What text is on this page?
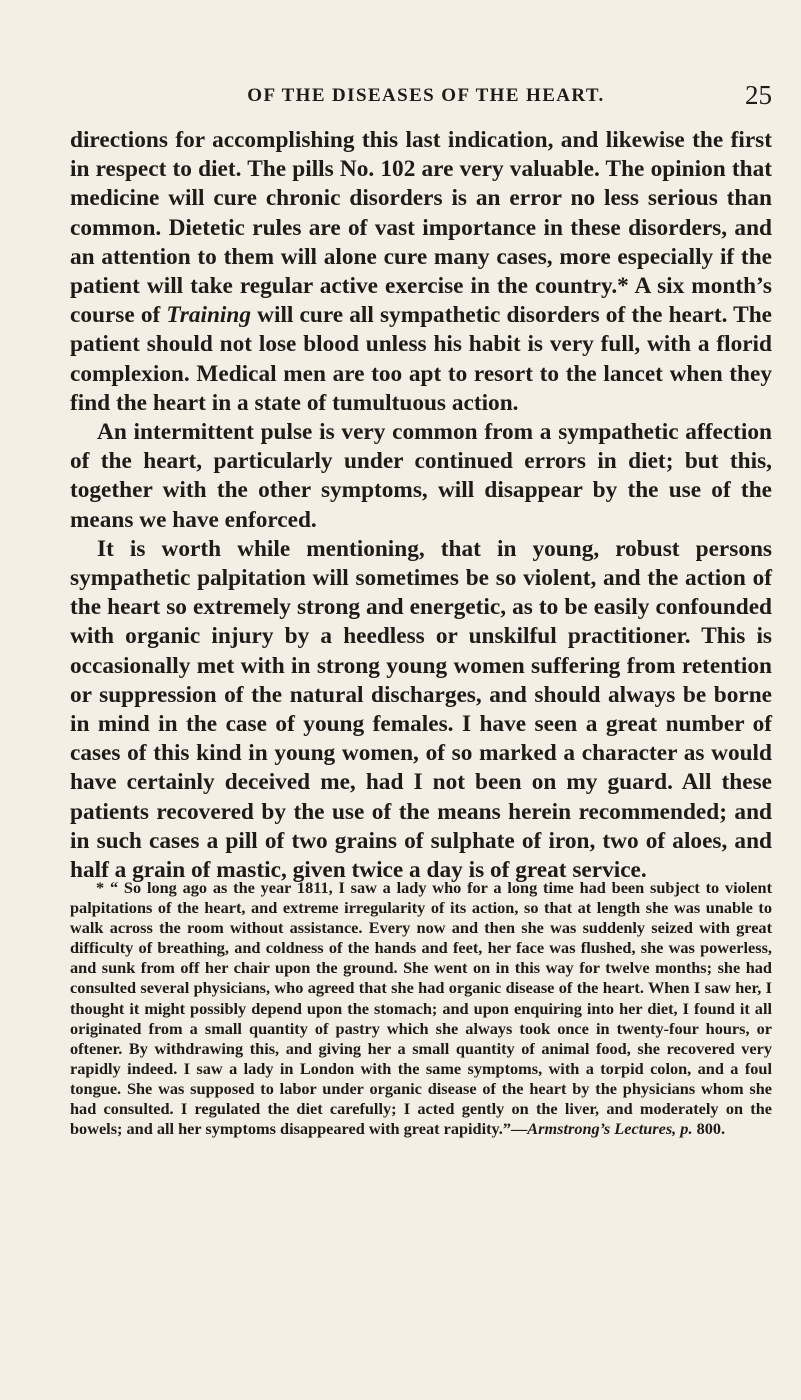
OF THE DISEASES OF THE HEART.	25

directions for accomplishing this last indication, and likewise the first in respect to diet. The pills No. 102 are very valuable. The opinion that medicine will cure chronic disorders is an error no less serious than common. Dietetic rules are of vast importance in these disorders, and an attention to them will alone cure many cases, more especially if the patient will take regular active exercise in the country.* A six month’s course of Training will cure all sympathetic disorders of the heart. The patient should not lose blood unless his habit is very full, with a florid complexion. Medical men are too apt to resort to the lancet when they find the heart in a state of tumultuous action.

An intermittent pulse is very common from a sympathetic affection of the heart, particularly under continued errors in diet; but this, together with the other symptoms, will disappear by the use of the means we have enforced.

It is worth while mentioning, that in young, robust persons sympathetic palpitation will sometimes be so violent, and the action of the heart so extremely strong and energetic, as to be easily confounded with organic injury by a heedless or unskilful practitioner. This is occasionally met with in strong young women suffering from retention or suppression of the natural discharges, and should always be borne in mind in the case of young females. I have seen a great number of cases of this kind in young women, of so marked a character as would have certainly deceived me, had I not been on my guard. All these patients recovered by the use of the means herein recommended; and in such cases a pill of two grains of sulphate of iron, two of aloes, and half a grain of mastic, given twice a day is of great service.

* “ So long ago as the year 1811, I saw a lady who for a long time had been subject to violent palpitations of the heart, and extreme irregularity of its action, so that at length she was unable to walk across the room without assistance. Every now and then she was suddenly seized with great difficulty of breathing, and coldness of the hands and feet, her face was flushed, she was powerless, and sunk from off her chair upon the ground. She went on in this way for twelve months; she had consulted several physicians, who agreed that she had organic disease of the heart. When I saw her, I thought it might possibly depend upon the stomach; and upon enquiring into her diet, I found it all originated from a small quantity of pastry which she always took once in twenty-four hours, or oftener. By withdrawing this, and giving her a small quantity of animal food, she recovered very rapidly indeed. I saw a lady in London with the same symptoms, with a torpid colon, and a foul tongue. She was supposed to labor under organic disease of the heart by the physicians whom she had consulted. I regulated the diet carefully; I acted gently on the liver, and moderately on the bowels; and all her symptoms disappeared with great rapidity.”—Armstrong’s Lectures, p. 800.
